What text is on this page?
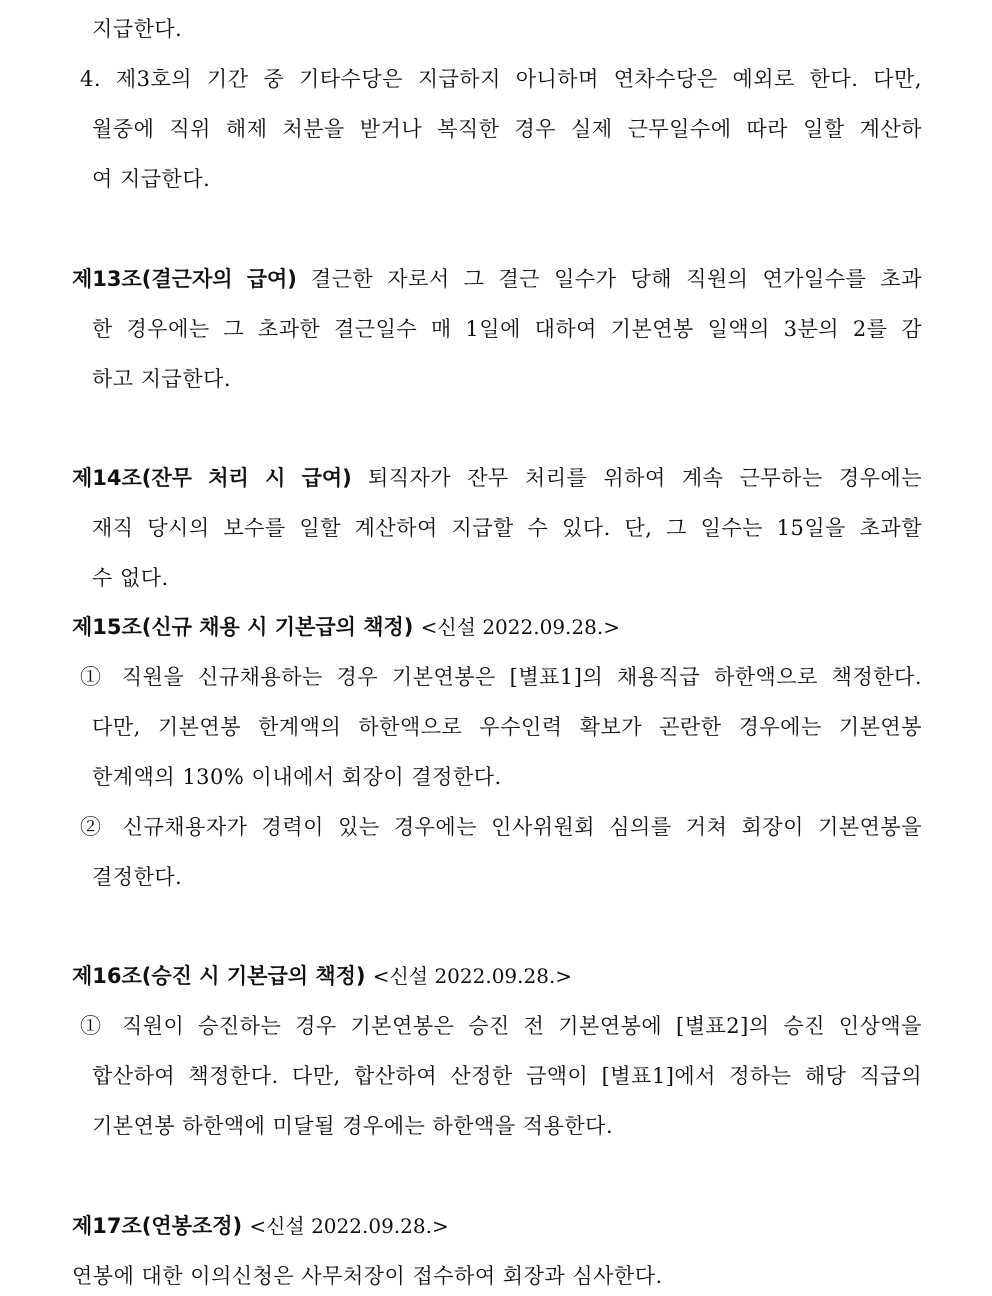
지급한다.
4. 제3호의 기간 중 기타수당은 지급하지 아니하며 연차수당은 예외로 한다. 다만,
월중에 직위 해제 처분을 받거나 복직한 경우 실제 근무일수에 따라 일할 계산하
여 지급한다.
제13조(결근자의 급여) 결근한 자로서 그 결근 일수가 당해 직원의 연가일수를 초과
한 경우에는 그 초과한 결근일수 매 1일에 대하여 기본연봉 일액의 3분의 2를 감
하고 지급한다.
제14조(잔무 처리 시 급여) 퇴직자가 잔무 처리를 위하여 계속 근무하는 경우에는
재직 당시의 보수를 일할 계산하여 지급할 수 있다. 단, 그 일수는 15일을 초과할
수 없다.
제15조(신규 채용 시 기본급의 책정) <신설 2022.09.28.>
① 직원을 신규채용하는 경우 기본연봉은 [별표1]의 채용직급 하한액으로 책정한다.
다만, 기본연봉 한계액의 하한액으로 우수인력 확보가 곤란한 경우에는 기본연봉
한계액의 130% 이내에서 회장이 결정한다.
② 신규채용자가 경력이 있는 경우에는 인사위원회 심의를 거쳐 회장이 기본연봉을
결정한다.
제16조(승진 시 기본급의 책정) <신설 2022.09.28.>
① 직원이 승진하는 경우 기본연봉은 승진 전 기본연봉에 [별표2]의 승진 인상액을
합산하여 책정한다. 다만, 합산하여 산정한 금액이 [별표1]에서 정하는 해당 직급의
기본연봉 하한액에 미달될 경우에는 하한액을 적용한다.
제17조(연봉조정) <신설 2022.09.28.>
연봉에 대한 이의신청은 사무처장이 접수하여 회장과 심사한다.
